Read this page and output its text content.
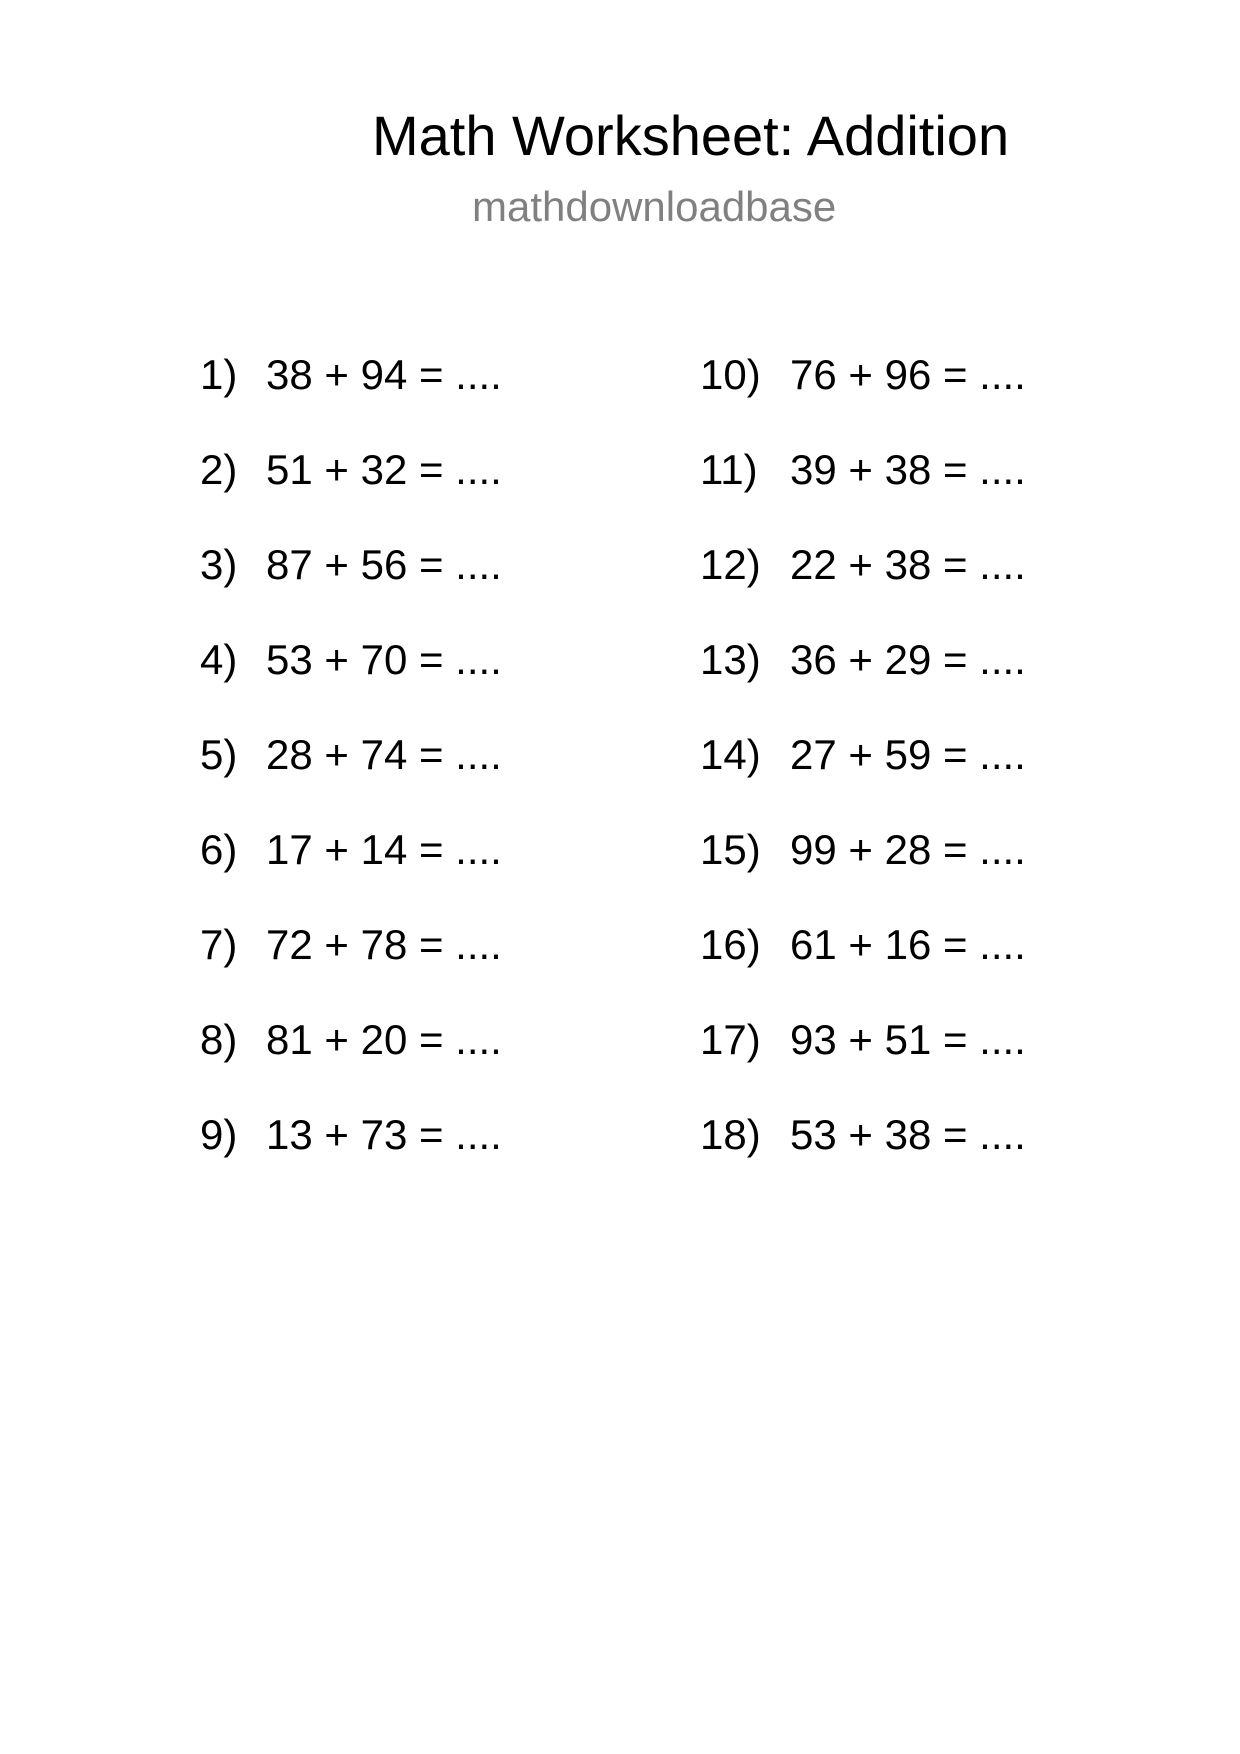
Math Worksheet: Addition
mathdownloadbase
1) 38 + 94 = ....
2) 51 + 32 = ....
3) 87 + 56 = ....
4) 53 + 70 = ....
5) 28 + 74 = ....
6) 17 + 14 = ....
7) 72 + 78 = ....
8) 81 + 20 = ....
9) 13 + 73 = ....
10) 76 + 96 = ....
11) 39 + 38 = ....
12) 22 + 38 = ....
13) 36 + 29 = ....
14) 27 + 59 = ....
15) 99 + 28 = ....
16) 61 + 16 = ....
17) 93 + 51 = ....
18) 53 + 38 = ....
